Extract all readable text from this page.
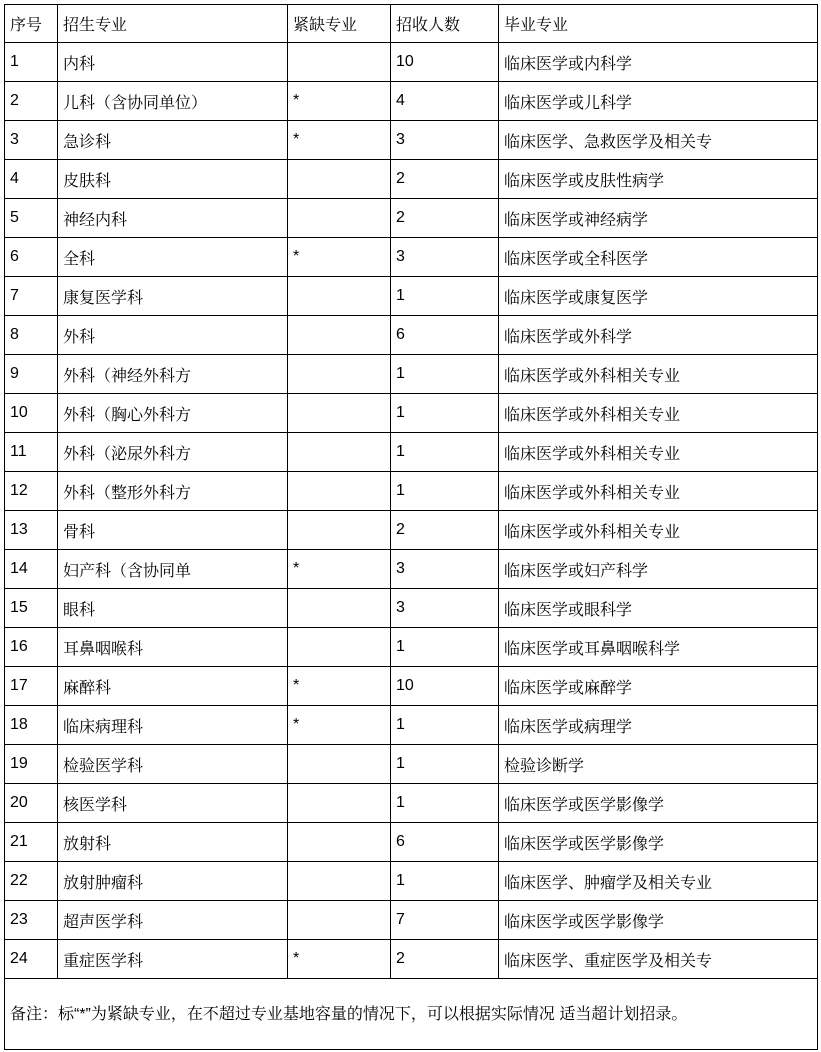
序号	招生专业	紧缺专业	招收人数	毕业专业
1	内科		10	临床医学或内科学
2	儿科（含协同单位）	*	4	临床医学或儿科学
3	急诊科	*	3	临床医学、急救医学及相关专
4	皮肤科		2	临床医学或皮肤性病学
5	神经内科		2	临床医学或神经病学
6	全科	*	3	临床医学或全科医学
7	康复医学科		1	临床医学或康复医学
8	外科		6	临床医学或外科学
9	外科（神经外科方		1	临床医学或外科相关专业
10	外科（胸心外科方		1	临床医学或外科相关专业
11	外科（泌尿外科方		1	临床医学或外科相关专业
12	外科（整形外科方		1	临床医学或外科相关专业
13	骨科		2	临床医学或外科相关专业
14	妇产科（含协同单	*	3	临床医学或妇产科学
15	眼科		3	临床医学或眼科学
16	耳鼻咽喉科		1	临床医学或耳鼻咽喉科学
17	麻醉科	*	10	临床医学或麻醉学
18	临床病理科	*	1	临床医学或病理学
19	检验医学科		1	检验诊断学
20	核医学科		1	临床医学或医学影像学
21	放射科		6	临床医学或医学影像学
22	放射肿瘤科		1	临床医学、肿瘤学及相关专业
23	超声医学科		7	临床医学或医学影像学
24	重症医学科	*	2	临床医学、重症医学及相关专
备注：标“*”为紧缺专业，在不超过专业基地容量的情况下，可以根据实际情况 适当超计划招录。				
